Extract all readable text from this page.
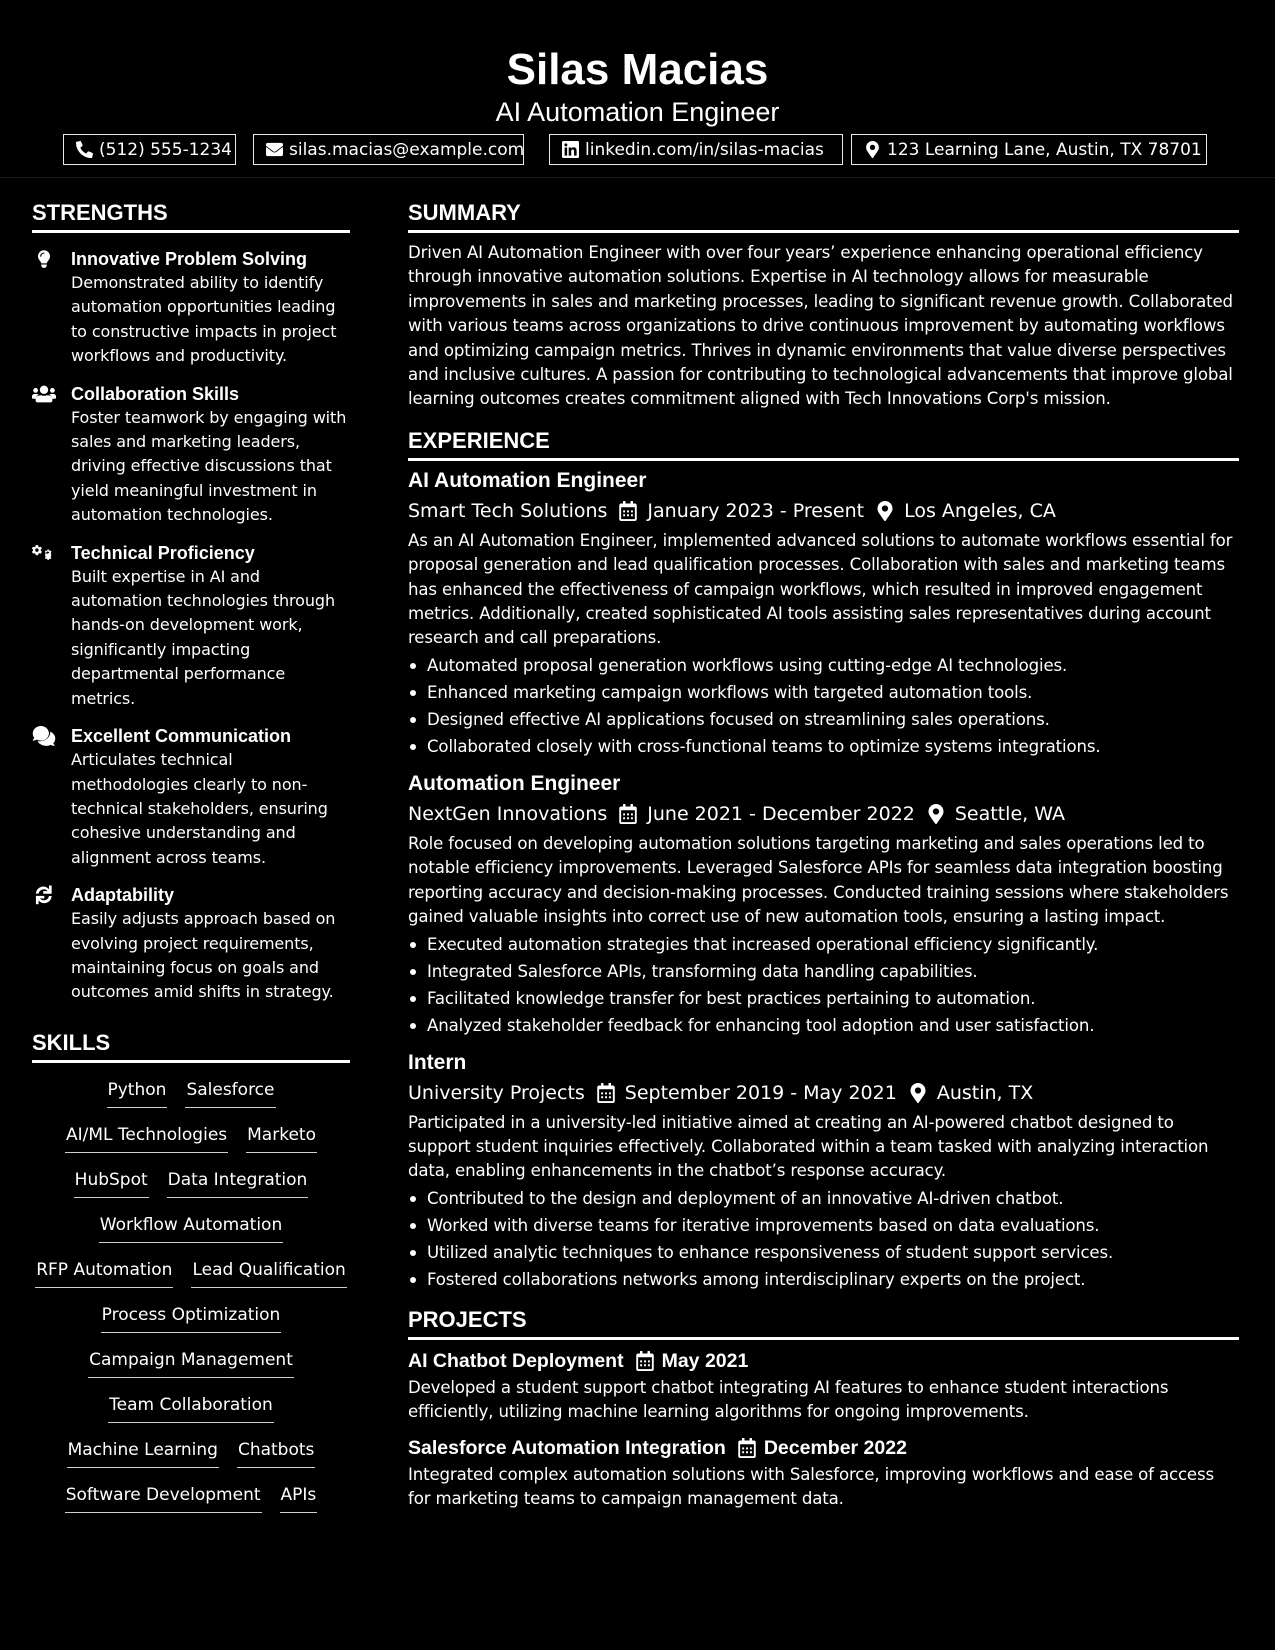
Silas Macias
AI Automation Engineer
(512) 555-1234	silas.macias@example.com	linkedin.com/in/silas-macias	123 Learning Lane, Austin, TX 78701
STRENGTHS
Innovative Problem Solving
Demonstrated ability to identify automation opportunities leading to constructive impacts in project workflows and productivity.
Collaboration Skills
Foster teamwork by engaging with sales and marketing leaders, driving effective discussions that yield meaningful investment in automation technologies.
Technical Proficiency
Built expertise in AI and automation technologies through hands-on development work, significantly impacting departmental performance metrics.
Excellent Communication
Articulates technical methodologies clearly to non-technical stakeholders, ensuring cohesive understanding and alignment across teams.
Adaptability
Easily adjusts approach based on evolving project requirements, maintaining focus on goals and outcomes amid shifts in strategy.
SKILLS
Python Salesforce
AI/ML Technologies Marketo
HubSpot Data Integration
Workflow Automation
RFP Automation Lead Qualification
Process Optimization
Campaign Management
Team Collaboration
Machine Learning Chatbots
Software Development APIs
SUMMARY
Driven AI Automation Engineer with over four years’ experience enhancing operational efficiency through innovative automation solutions. Expertise in AI technology allows for measurable improvements in sales and marketing processes, leading to significant revenue growth. Collaborated with various teams across organizations to drive continuous improvement by automating workflows and optimizing campaign metrics. Thrives in dynamic environments that value diverse perspectives and inclusive cultures. A passion for contributing to technological advancements that improve global learning outcomes creates commitment aligned with Tech Innovations Corp's mission.
EXPERIENCE
AI Automation Engineer
Smart Tech Solutions January 2023 - Present Los Angeles, CA
As an AI Automation Engineer, implemented advanced solutions to automate workflows essential for proposal generation and lead qualification processes. Collaboration with sales and marketing teams has enhanced the effectiveness of campaign workflows, which resulted in improved engagement metrics. Additionally, created sophisticated AI tools assisting sales representatives during account research and call preparations.
Automated proposal generation workflows using cutting-edge AI technologies.
Enhanced marketing campaign workflows with targeted automation tools.
Designed effective AI applications focused on streamlining sales operations.
Collaborated closely with cross-functional teams to optimize systems integrations.
Automation Engineer
NextGen Innovations June 2021 - December 2022 Seattle, WA
Role focused on developing automation solutions targeting marketing and sales operations led to notable efficiency improvements. Leveraged Salesforce APIs for seamless data integration boosting reporting accuracy and decision-making processes. Conducted training sessions where stakeholders gained valuable insights into correct use of new automation tools, ensuring a lasting impact.
Executed automation strategies that increased operational efficiency significantly.
Integrated Salesforce APIs, transforming data handling capabilities.
Facilitated knowledge transfer for best practices pertaining to automation.
Analyzed stakeholder feedback for enhancing tool adoption and user satisfaction.
Intern
University Projects September 2019 - May 2021 Austin, TX
Participated in a university-led initiative aimed at creating an AI-powered chatbot designed to support student inquiries effectively. Collaborated within a team tasked with analyzing interaction data, enabling enhancements in the chatbot’s response accuracy.
Contributed to the design and deployment of an innovative AI-driven chatbot.
Worked with diverse teams for iterative improvements based on data evaluations.
Utilized analytic techniques to enhance responsiveness of student support services.
Fostered collaborations networks among interdisciplinary experts on the project.
PROJECTS
AI Chatbot Deployment May 2021
Developed a student support chatbot integrating AI features to enhance student interactions efficiently, utilizing machine learning algorithms for ongoing improvements.
Salesforce Automation Integration December 2022
Integrated complex automation solutions with Salesforce, improving workflows and ease of access for marketing teams to campaign management data.
